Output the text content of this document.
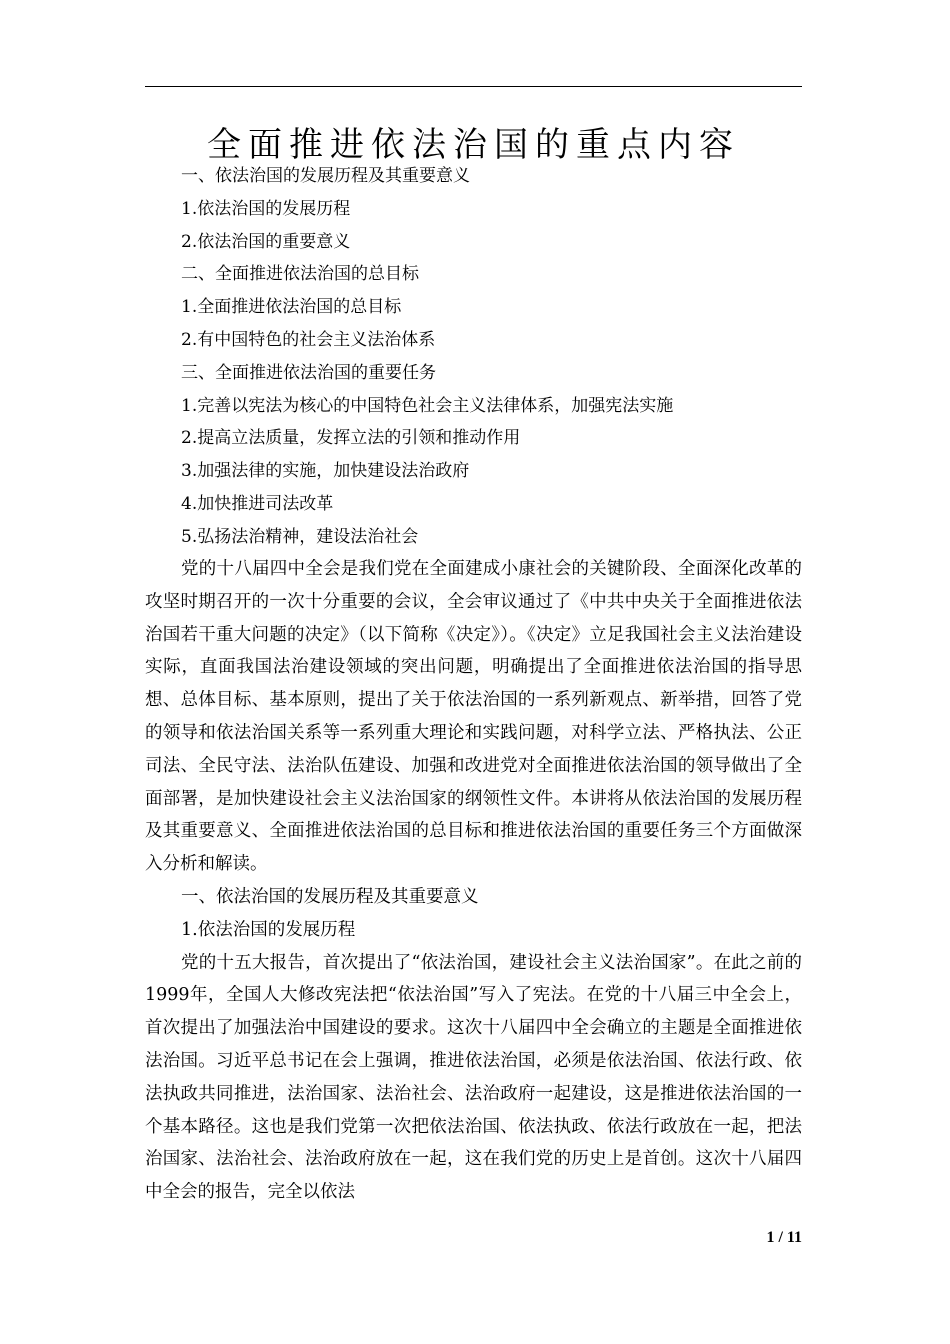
全面推进依法治国的重点内容
一、依法治国的发展历程及其重要意义
1.依法治国的发展历程
2.依法治国的重要意义
二、全面推进依法治国的总目标
1.全面推进依法治国的总目标
2.有中国特色的社会主义法治体系
三、全面推进依法治国的重要任务
1.完善以宪法为核心的中国特色社会主义法律体系，加强宪法实施
2.提高立法质量，发挥立法的引领和推动作用
3.加强法律的实施，加快建设法治政府
4.加快推进司法改革
5.弘扬法治精神，建设法治社会

党的十八届四中全会是我们党在全面建成小康社会的关键阶段、全面深化改革的攻坚时期召开的一次十分重要的会议，全会审议通过了《中共中央关于全面推进依法治国若干重大问题的决定》（以下简称《决定》）。《决定》立足我国社会主义法治建设实际，直面我国法治建设领域的突出问题，明确提出了全面推进依法治国的指导思想、总体目标、基本原则，提出了关于依法治国的一系列新观点、新举措，回答了党的领导和依法治国关系等一系列重大理论和实践问题，对科学立法、严格执法、公正司法、全民守法、法治队伍建设、加强和改进党对全面推进依法治国的领导做出了全面部署，是加快建设社会主义法治国家的纲领性文件。本讲将从依法治国的发展历程及其重要意义、全面推进依法治国的总目标和推进依法治国的重要任务三个方面做深入分析和解读。

一、依法治国的发展历程及其重要意义

1.依法治国的发展历程

党的十五大报告，首次提出了“依法治国，建设社会主义法治国家”。在此之前的1999年，全国人大修改宪法把“依法治国”写入了宪法。在党的十八届三中全会上，首次提出了加强法治中国建设的要求。这次十八届四中全会确立的主题是全面推进依法治国。习近平总书记在会上强调，推进依法治国，必须是依法治国、依法行政、依法执政共同推进，法治国家、法治社会、法治政府一起建设，这是推进依法治国的一个基本路径。这也是我们党第一次把依法治国、依法执政、依法行政放在一起，把法治国家、法治社会、法治政府放在一起，这在我们党的历史上是首创。这次十八届四中全会的报告，完全以依法

1 / 11
